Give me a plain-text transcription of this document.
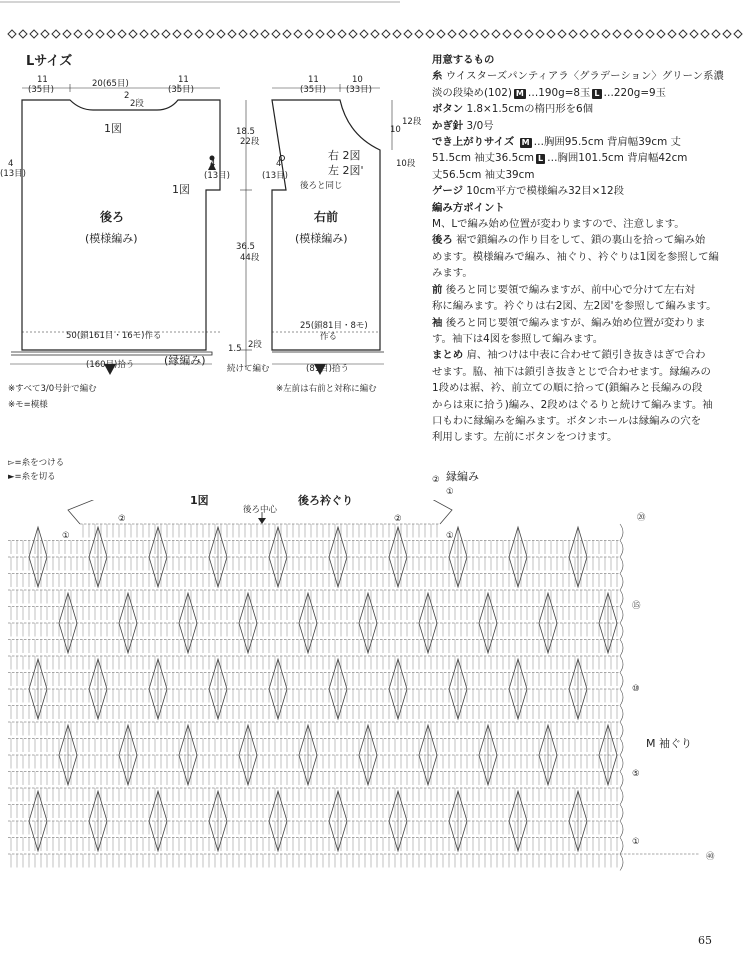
Lサイズ
11
(35目)
20(65目)
2
2段
11
(35目)
1図
1図
4
(13目)
4
(13目)
後ろ
(模様編み)
50(鎖161目・16モ)作る
(160目)拾う	(縁編み)
18.5
22段
36.5
44段
1.5 2段
続けて編む
11
(35目)
10
(33目)
10
12段
10段
右 2図
左 2図'
後ろと同じ
4
(13目)
右前
(模様編み)
25(鎖81目・8モ)
作る
(81目)拾う
※すべて3/0号針で編む
※モ=模様
※左前は右前と対称に編む
用意するもの
糸 ウイスターズパンティアラ〈グラデーション〉グリーン系濃
淡の段染め(102) M …190g=8玉 L …220g=9玉
ボタン 1.8×1.5cmの楕円形を6個
かぎ針 3/0号
でき上がりサイズ M …胸囲95.5cm 背肩幅39cm 丈
51.5cm 袖丈36.5cm L …胸囲101.5cm 背肩幅42cm
丈56.5cm 袖丈39cm
ゲージ 10cm平方で模様編み32目×12段
編み方ポイント
M、Lで編み始め位置が変わりますので、注意します。
後ろ 裾で鎖編みの作り目をして、鎖の裏山を拾って編み始
めます。模様編みで編み、袖ぐり、衿ぐりは1図を参照して編
みます。
前 後ろと同じ要領で編みますが、前中心で分けて左右対
称に編みます。衿ぐりは右2図、左2図'を参照して編みます。
袖 後ろと同じ要領で編みますが、編み始め位置が変わりま
す。袖下は4図を参照して編みます。
まとめ 肩、袖つけは中表に合わせて鎖引き抜きはぎで合わ
せます。脇、袖下は鎖引き抜きとじで合わせます。縁編みの
1段めは裾、衿、前立ての順に拾って(鎖編みと長編みの段
からは束に拾う)編み、2段めはぐるりと続けて編みます。袖
口もわに縁編みを編みます。ボタンホールは縁編みの穴を
利用します。左前にボタンをつけます。
▻=糸をつける
►=糸を切る
1図	後ろ衿ぐり
後ろ中心
縁編み
M 袖ぐり
⑳
⑮
⑩
⑤
①
㊵
②
①
②
②
①
①
65
